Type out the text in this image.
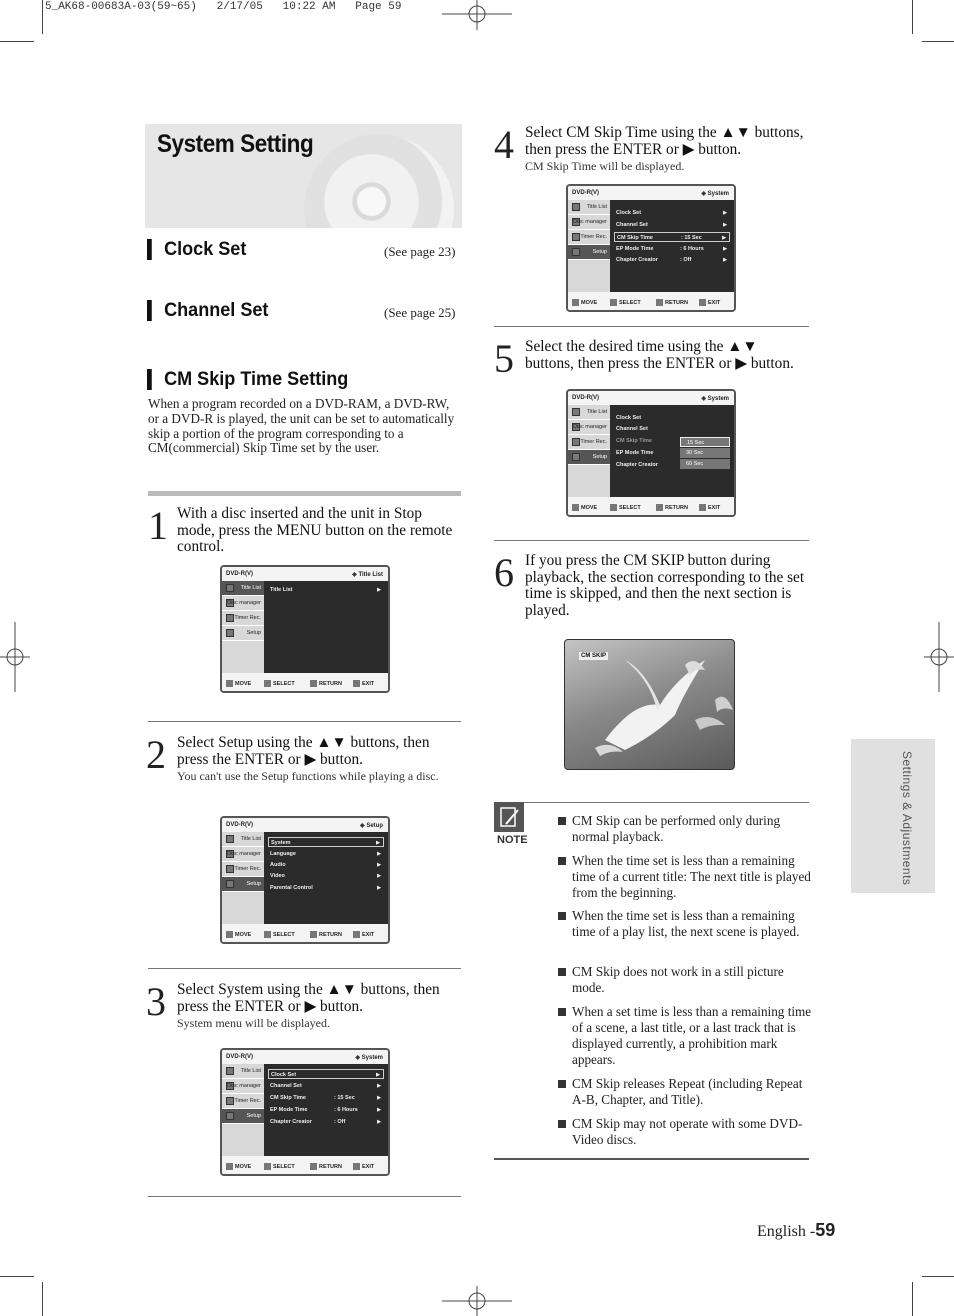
5_AK68-00683A-03(59~65)   2/17/05   10:22 AM   Page 59
System Setting
Clock Set	(See page 23)
Channel Set	(See page 25)
CM Skip Time Setting
When a program recorded on a DVD-RAM, a DVD-RW, or a DVD-R is played, the unit can be set to automatically skip a portion of the program corresponding to a CM(commercial) Skip Time set by the user.
1 With a disc inserted and the unit in Stop mode, press the MENU button on the remote control.
DVD-R(V)	◈ Title List
Title List
Disc manager
Timer Rec.
Setup
Title List	▶
MOVE	SELECT	RETURN	EXIT
2 Select Setup using the ▲▼ buttons, then press the ENTER or ▶ button.
You can't use the Setup functions while playing a disc.
DVD-R(V)	◈ Setup
Title List
Disc manager
Timer Rec.
Setup
System	▶
Language	▶
Audio	▶
Video	▶
Parental Control	▶
MOVE	SELECT	RETURN	EXIT
3 Select System using the ▲▼ buttons, then press the ENTER or ▶ button.
System menu will be displayed.
DVD-R(V)	◈ System
Title List
Disc manager
Timer Rec.
Setup
Clock Set	▶
Channel Set	▶
CM Skip Time	: 15 Sec	▶
EP Mode Time	: 6 Hours	▶
Chapter Creator	: Off	▶
MOVE	SELECT	RETURN	EXIT
4 Select CM Skip Time using the ▲▼ buttons, then press the ENTER or ▶ button.
CM Skip Time will be displayed.
DVD-R(V)	◈ System
Title List
Disc manager
Timer Rec.
Setup
Clock Set	▶
Channel Set	▶
CM Skip Time	: 15 Sec	▶
EP Mode Time	: 6 Hours	▶
Chapter Creator	: Off	▶
MOVE	SELECT	RETURN	EXIT
5 Select the desired time using the ▲▼ buttons, then press the ENTER or ▶ button.
DVD-R(V)	◈ System
Title List
Disc manager
Timer Rec.
Setup
Clock Set
Channel Set
CM Skip Time
EP Mode Time
Chapter Creator
15 Sec
30 Sec
60 Sec
MOVE	SELECT	RETURN	EXIT
6 If you press the CM SKIP button during playback, the section corresponding to the set time is skipped, and then the next section is played.
CM SKIP
NOTE
CM Skip can be performed only during normal playback.
When the time set is less than a remaining time of a current title: The next title is played from the beginning.
When the time set is less than a remaining time of a play list, the next scene is played.
CM Skip does not work in a still picture mode.
When a set time is less than a remaining time of a scene, a last title, or a last track that is displayed currently, a prohibition mark appears.
CM Skip releases Repeat (including Repeat A-B, Chapter, and Title).
CM Skip may not operate with some DVD-Video discs.
Settings & Adjustments
English -59
